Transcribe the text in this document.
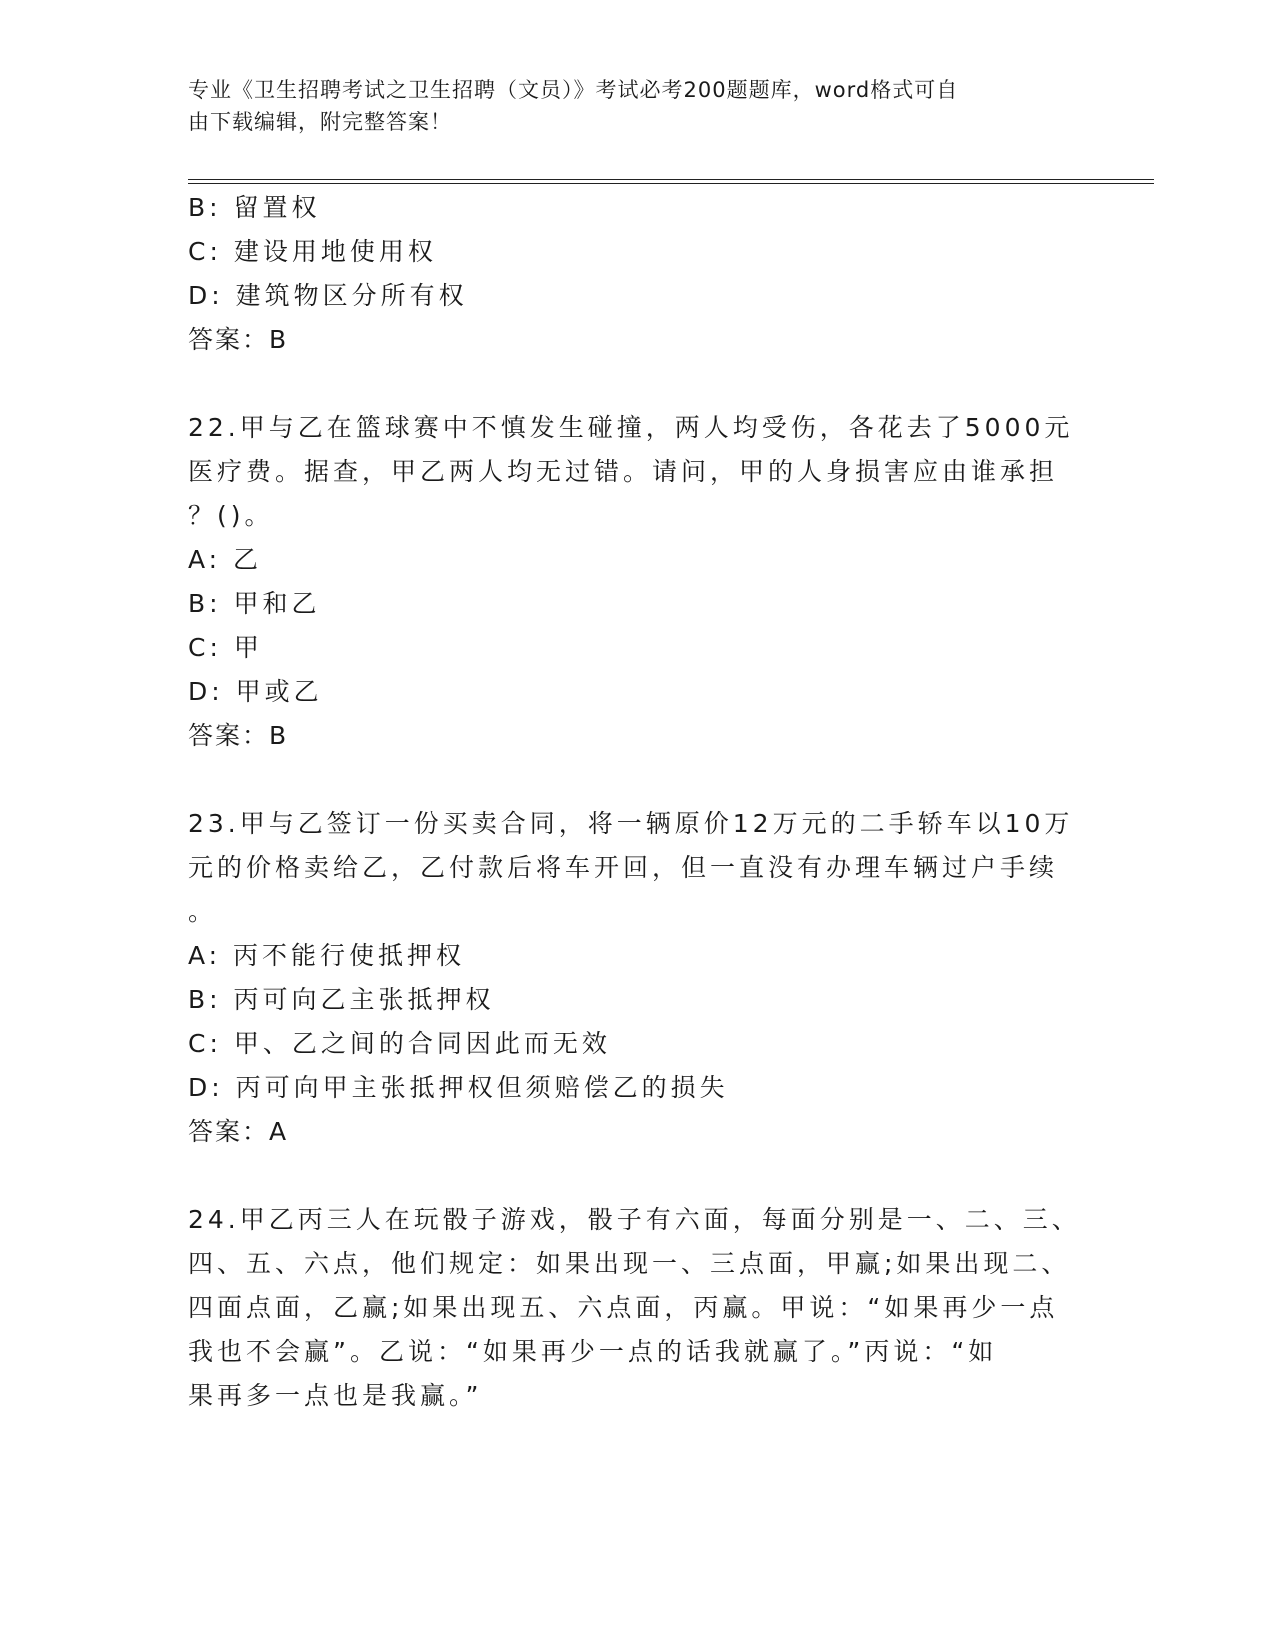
专业《卫生招聘考试之卫生招聘（文员）》考试必考200题题库，word格式可自
由下载编辑，附完整答案！

B: 留置权
C: 建设用地使用权
D: 建筑物区分所有权
答案：B
22.甲与乙在篮球赛中不慎发生碰撞，两人均受伤，各花去了5000元
医疗费。据查，甲乙两人均无过错。请问，甲的人身损害应由谁承担
？()。
A: 乙
B: 甲和乙
C: 甲
D: 甲或乙
答案：B
23.甲与乙签订一份买卖合同，将一辆原价12万元的二手轿车以10万
元的价格卖给乙，乙付款后将车开回，但一直没有办理车辆过户手续
。
A: 丙不能行使抵押权
B: 丙可向乙主张抵押权
C: 甲、乙之间的合同因此而无效
D: 丙可向甲主张抵押权但须赔偿乙的损失
答案：A
24.甲乙丙三人在玩骰子游戏，骰子有六面，每面分别是一、二、三、
四、五、六点，他们规定：如果出现一、三点面，甲赢;如果出现二、
四面点面，乙赢;如果出现五、六点面，丙赢。甲说：“如果再少一点
我也不会赢”。乙说：“如果再少一点的话我就赢了。”丙说：“如
果再多一点也是我赢。”
